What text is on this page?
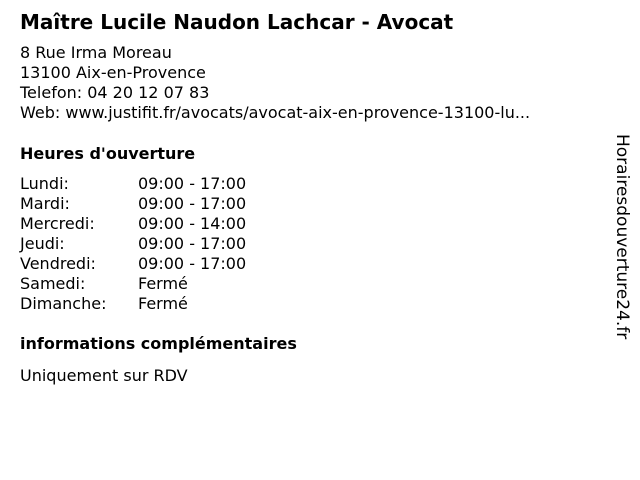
Maître Lucile Naudon Lachcar - Avocat
8 Rue Irma Moreau
13100 Aix-en-Provence
Telefon: 04 20 12 07 83
Web: www.justifit.fr/avocats/avocat-aix-en-provence-13100-lu...
Heures d'ouverture
Lundi:	09:00 - 17:00
Mardi:	09:00 - 17:00
Mercredi:	09:00 - 14:00
Jeudi:	09:00 - 17:00
Vendredi:	09:00 - 17:00
Samedi:	Fermé
Dimanche:	Fermé
informations complémentaires
Uniquement sur RDV
Horairesdouverture24.fr
